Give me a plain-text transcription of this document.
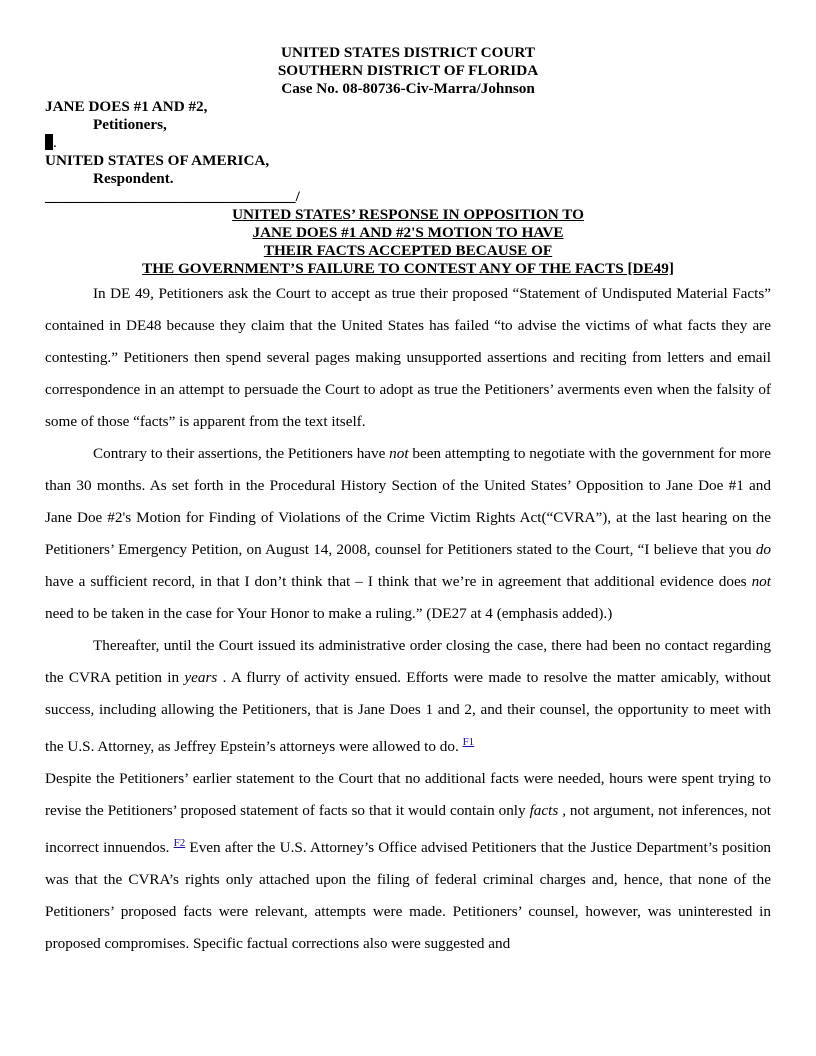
UNITED STATES DISTRICT COURT
SOUTHERN DISTRICT OF FLORIDA
Case No. 08-80736-Civ-Marra/Johnson
JANE DOES #1 AND #2,
Petitioners,
.
UNITED STATES OF AMERICA,
Respondent.
_________________________________/
UNITED STATES’ RESPONSE IN OPPOSITION TO
JANE DOES #1 AND #2'S MOTION TO HAVE
THEIR FACTS ACCEPTED BECAUSE OF
THE GOVERNMENT’S FAILURE TO CONTEST ANY OF THE FACTS [DE49]

In DE 49, Petitioners ask the Court to accept as true their proposed “Statement of Undisputed Material Facts” contained in DE48 because they claim that the United States has failed “to advise the victims of what facts they are contesting.” Petitioners then spend several pages making unsupported assertions and reciting from letters and email correspondence in an attempt to persuade the Court to adopt as true the Petitioners’ averments even when the falsity of some of those “facts” is apparent from the text itself.

Contrary to their assertions, the Petitioners have not been attempting to negotiate with the government for more than 30 months. As set forth in the Procedural History Section of the United States’ Opposition to Jane Doe #1 and Jane Doe #2's Motion for Finding of Violations of the Crime Victim Rights Act(“CVRA”), at the last hearing on the Petitioners’ Emergency Petition, on August 14, 2008, counsel for Petitioners stated to the Court, “I believe that you do have a sufficient record, in that I don’t think that – I think that we’re in agreement that additional evidence does not need to be taken in the case for Your Honor to make a ruling.” (DE27 at 4 (emphasis added).)

Thereafter, until the Court issued its administrative order closing the case, there had been no contact regarding the CVRA petition in years . A flurry of activity ensued. Efforts were made to resolve the matter amicably, without success, including allowing the Petitioners, that is Jane Does 1 and 2, and their counsel, the opportunity to meet with the U.S. Attorney, as Jeffrey Epstein’s attorneys were allowed to do. $^{F1}$

Despite the Petitioners’ earlier statement to the Court that no additional facts were needed, hours were spent trying to revise the Petitioners’ proposed statement of facts so that it would contain only facts , not argument, not inferences, not incorrect innuendos. $^{F2}$ Even after the U.S. Attorney’s Office advised Petitioners that the Justice Department’s position was that the CVRA’s rights only attached upon the filing of federal criminal charges and, hence, that none of the Petitioners’ proposed facts were relevant, attempts were made. Petitioners’ counsel, however, was uninterested in proposed compromises. Specific factual corrections also were suggested and
